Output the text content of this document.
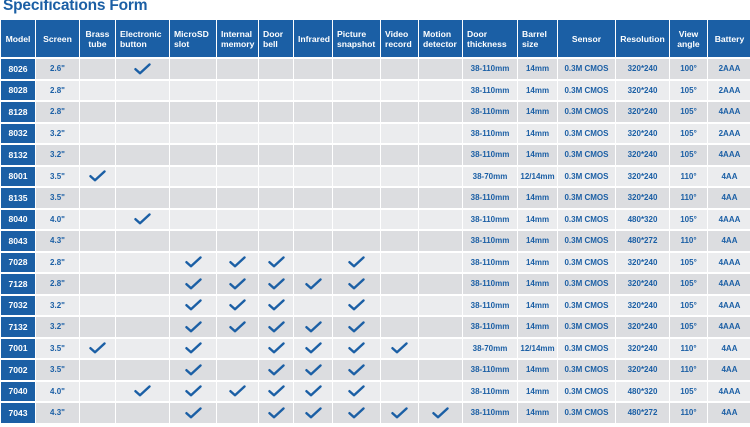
Specifications Form
Model	Screen	Brass tube	Electronic button	MicroSD slot	Internal memory	Door bell	Infrared	Picture snapshot	Video record	Motion detector	Door thickness	Barrel size	Sensor	Resolution	View angle	Battery
8026	2.6"										38-110mm	14mm	0.3M CMOS	320*240	100°	2AAA
8028	2.8"										38-110mm	14mm	0.3M CMOS	320*240	105°	2AAA
8128	2.8"										38-110mm	14mm	0.3M CMOS	320*240	105°	4AAA
8032	3.2"										38-110mm	14mm	0.3M CMOS	320*240	105°	2AAA
8132	3.2"										38-110mm	14mm	0.3M CMOS	320*240	105°	4AAA
8001	3.5"										38-70mm	12/14mm	0.3M CMOS	320*240	110°	4AA
8135	3.5"										38-110mm	14mm	0.3M CMOS	320*240	110°	4AA
8040	4.0"										38-110mm	14mm	0.3M CMOS	480*320	105°	4AAA
8043	4.3"										38-110mm	14mm	0.3M CMOS	480*272	110°	4AA
7028	2.8"										38-110mm	14mm	0.3M CMOS	320*240	105°	4AAA
7128	2.8"										38-110mm	14mm	0.3M CMOS	320*240	105°	4AAA
7032	3.2"										38-110mm	14mm	0.3M CMOS	320*240	105°	4AAA
7132	3.2"										38-110mm	14mm	0.3M CMOS	320*240	105°	4AAA
7001	3.5"										38-70mm	12/14mm	0.3M CMOS	320*240	110°	4AA
7002	3.5"										38-110mm	14mm	0.3M CMOS	320*240	110°	4AA
7040	4.0"										38-110mm	14mm	0.3M CMOS	480*320	105°	4AAA
7043	4.3"										38-110mm	14mm	0.3M CMOS	480*272	110°	4AA
